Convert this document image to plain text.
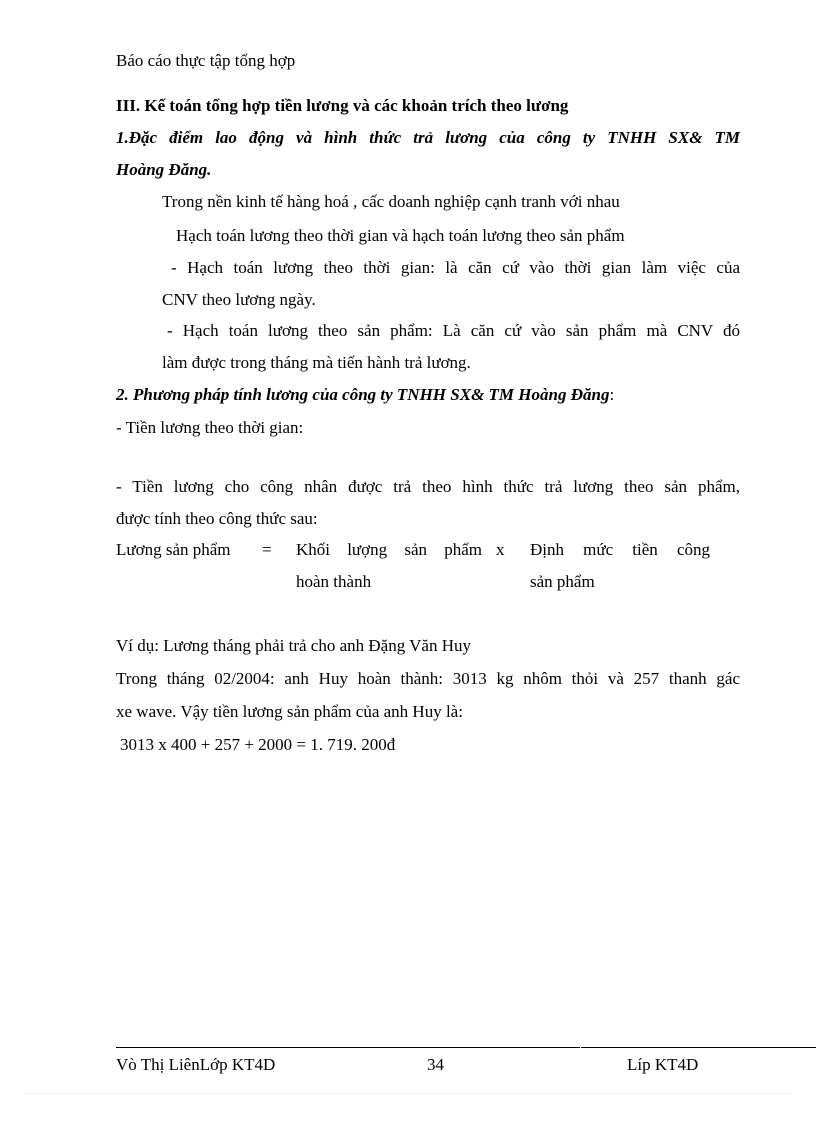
Báo cáo thực tập tổng hợp
III. Kế toán tổng hợp tiền lương và các khoản trích theo lương
1.Đặc điểm lao động và hình thức trả lương của công ty TNHH SX& TM
Hoàng Đăng.
Trong nền kinh tế hàng hoá , cấc doanh nghiệp cạnh tranh với nhau
Hạch toán lương theo thời gian và hạch toán lương theo sản phẩm
- Hạch toán lương theo thời gian: là căn cứ vào thời gian làm việc của
CNV theo lương ngày.
- Hạch toán lương theo sản phẩm: Là căn cứ vào sản phẩm mà CNV đó
làm được trong tháng mà tiến hành trả lương.
2. Phương pháp tính lương của công ty TNHH SX& TM Hoàng Đăng:
- Tiền lương theo thời gian:
- Tiền lương cho công nhân được trả theo hình thức trả lương theo sản phẩm,
được tính theo công thức sau:
Lương sản phẩm = Khối lượng sản phẩm
hoàn thành
x Định mức tiền công
sản phẩm
Ví dụ: Lương tháng phải trả cho anh Đặng Văn Huy
Trong tháng 02/2004: anh Huy hoàn thành: 3013 kg nhôm thỏi và 257 thanh gác
xe wave. Vậy tiền lương sản phẩm của anh Huy là:
3013 x 400 + 257 + 2000 = 1. 719. 200đ
Vò Thị LiênLớp KT4D	34	Líp KT4D
